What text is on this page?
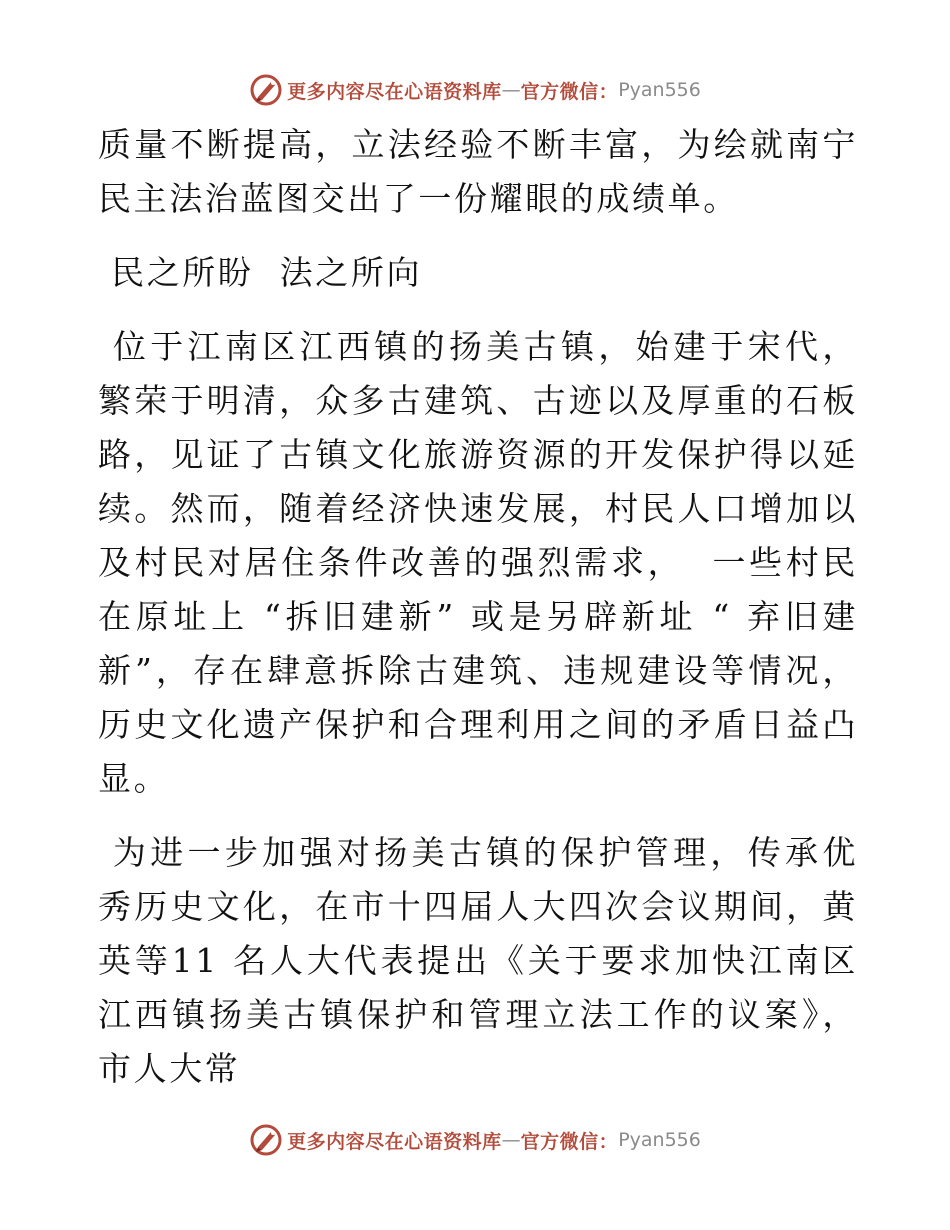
更多内容尽在心语资料库 — 官方微信： Pyan556

质量不断提高，立法经验不断丰富，为绘就南宁民主法治蓝图交出了一份耀眼的成绩单。

民之所盼  法之所向

位于江南区江西镇的扬美古镇，始建于宋代，繁荣于明清，众多古建筑、古迹以及厚重的石板路，见证了古镇文化旅游资源的开发保护得以延续。然而，随着经济快速发展，村民人口增加以及村民对居住条件改善的强烈需求，  一些村民在原址上 “拆旧建新” 或是另辟新址 “ 弃旧建新”，存在肆意拆除古建筑、违规建设等情况，历史文化遗产保护和合理利用之间的矛盾日益凸显。

为进一步加强对扬美古镇的保护管理，传承优秀历史文化，在市十四届人大四次会议期间，黄英等11 名人大代表提出《关于要求加快江南区江西镇扬美古镇保护和管理立法工作的议案》，市人大常

更多内容尽在心语资料库 — 官方微信： Pyan556
